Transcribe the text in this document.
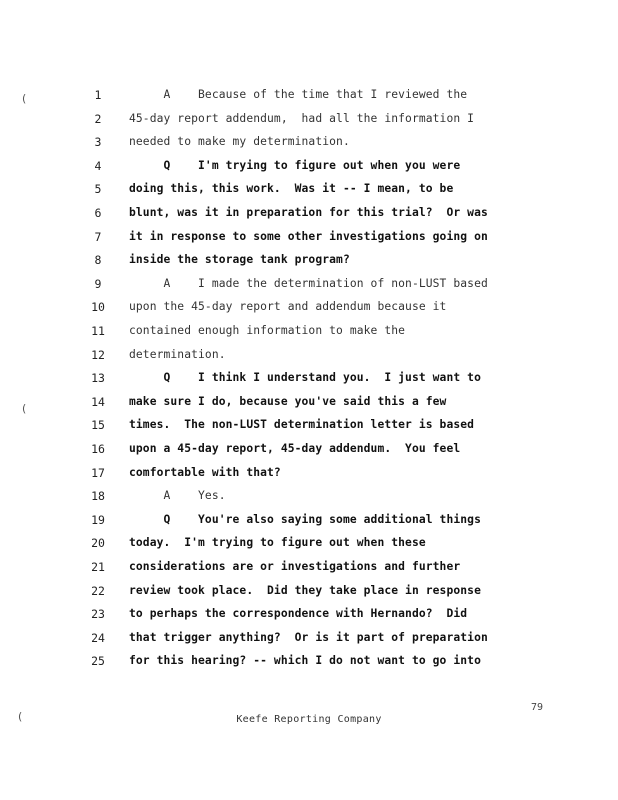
1	A    Because of the time that I reviewed the
2	45-day report addendum,  had all the information I
3	needed to make my determination.
4	Q    I'm trying to figure out when you were
5	doing this, this work.  Was it -- I mean, to be
6	blunt, was it in preparation for this trial?  Or was
7	it in response to some other investigations going on
8	inside the storage tank program?
9	A    I made the determination of non-LUST based
10	upon the 45-day report and addendum because it
11	contained enough information to make the
12	determination.
13	Q    I think I understand you.  I just want to
14	make sure I do, because you've said this a few
15	times.  The non-LUST determination letter is based
16	upon a 45-day report, 45-day addendum.  You feel
17	comfortable with that?
18	A    Yes.
19	Q    You're also saying some additional things
20	today.  I'm trying to figure out when these
21	considerations are or investigations and further
22	review took place.  Did they take place in response
23	to perhaps the correspondence with Hernando?  Did
24	that trigger anything?  Or is it part of preparation
25	for this hearing? -- which I do not want to go into
(
(
(
79
Keefe Reporting Company
